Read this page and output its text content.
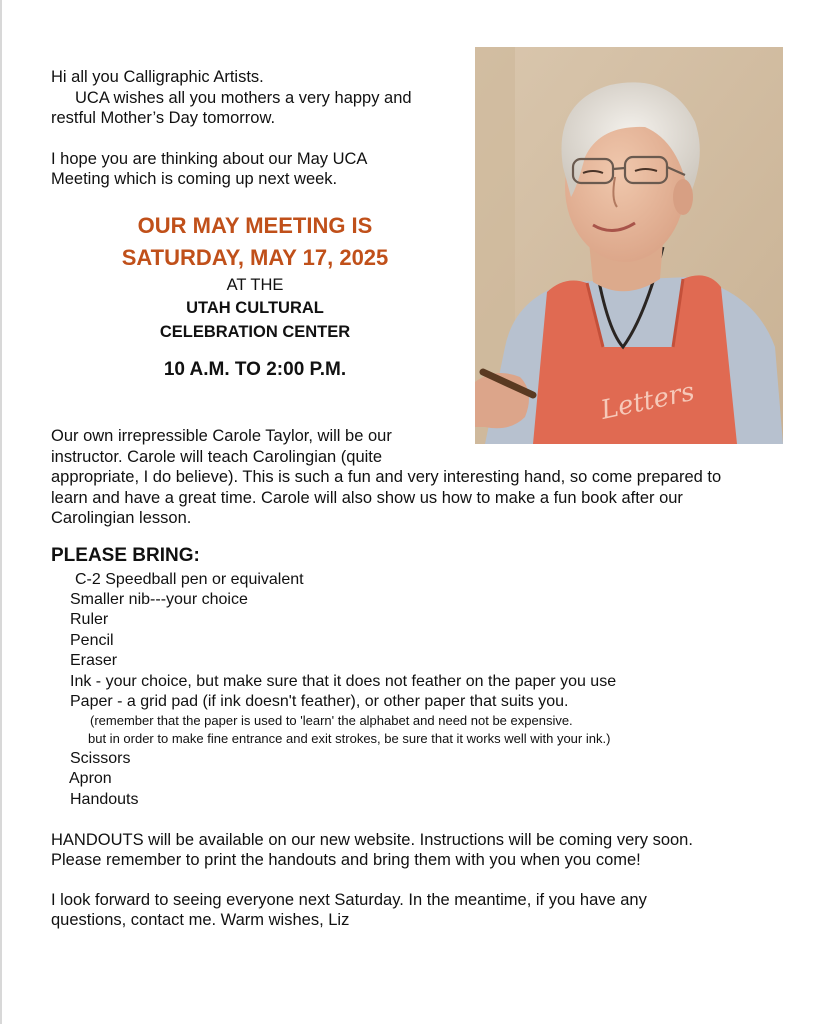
Hi all you Calligraphic Artists.
UCA wishes all you mothers a very happy and
restful Mother’s Day tomorrow.
I hope you are thinking about our May UCA
Meeting which is coming up next week.
OUR MAY MEETING IS
SATURDAY, MAY 17, 2025
AT THE
UTAH CULTURAL
CELEBRATION CENTER
10 A.M. TO 2:00 P.M.
Letters
Our own irrepressible Carole Taylor, will be our
instructor. Carole will teach Carolingian (quite
appropriate, I do believe). This is such a fun and very interesting hand, so come prepared to
learn and have a great time. Carole will also show us how to make a fun book after our
Carolingian lesson.
PLEASE BRING:
C-2 Speedball pen or equivalent
Smaller nib---your choice
Ruler
Pencil
Eraser
Ink - your choice, but make sure that it does not feather on the paper you use
Paper - a grid pad (if ink doesn't feather), or other paper that suits you.
(remember that the paper is used to 'learn' the alphabet and need not be expensive.
but in order to make fine entrance and exit strokes, be sure that it works well with your ink.)
Scissors
Apron
Handouts
HANDOUTS will be available on our new website. Instructions will be coming very soon.
Please remember to print the handouts and bring them with you when you come!
I look forward to seeing everyone next Saturday. In the meantime, if you have any
questions, contact me. Warm wishes, Liz
